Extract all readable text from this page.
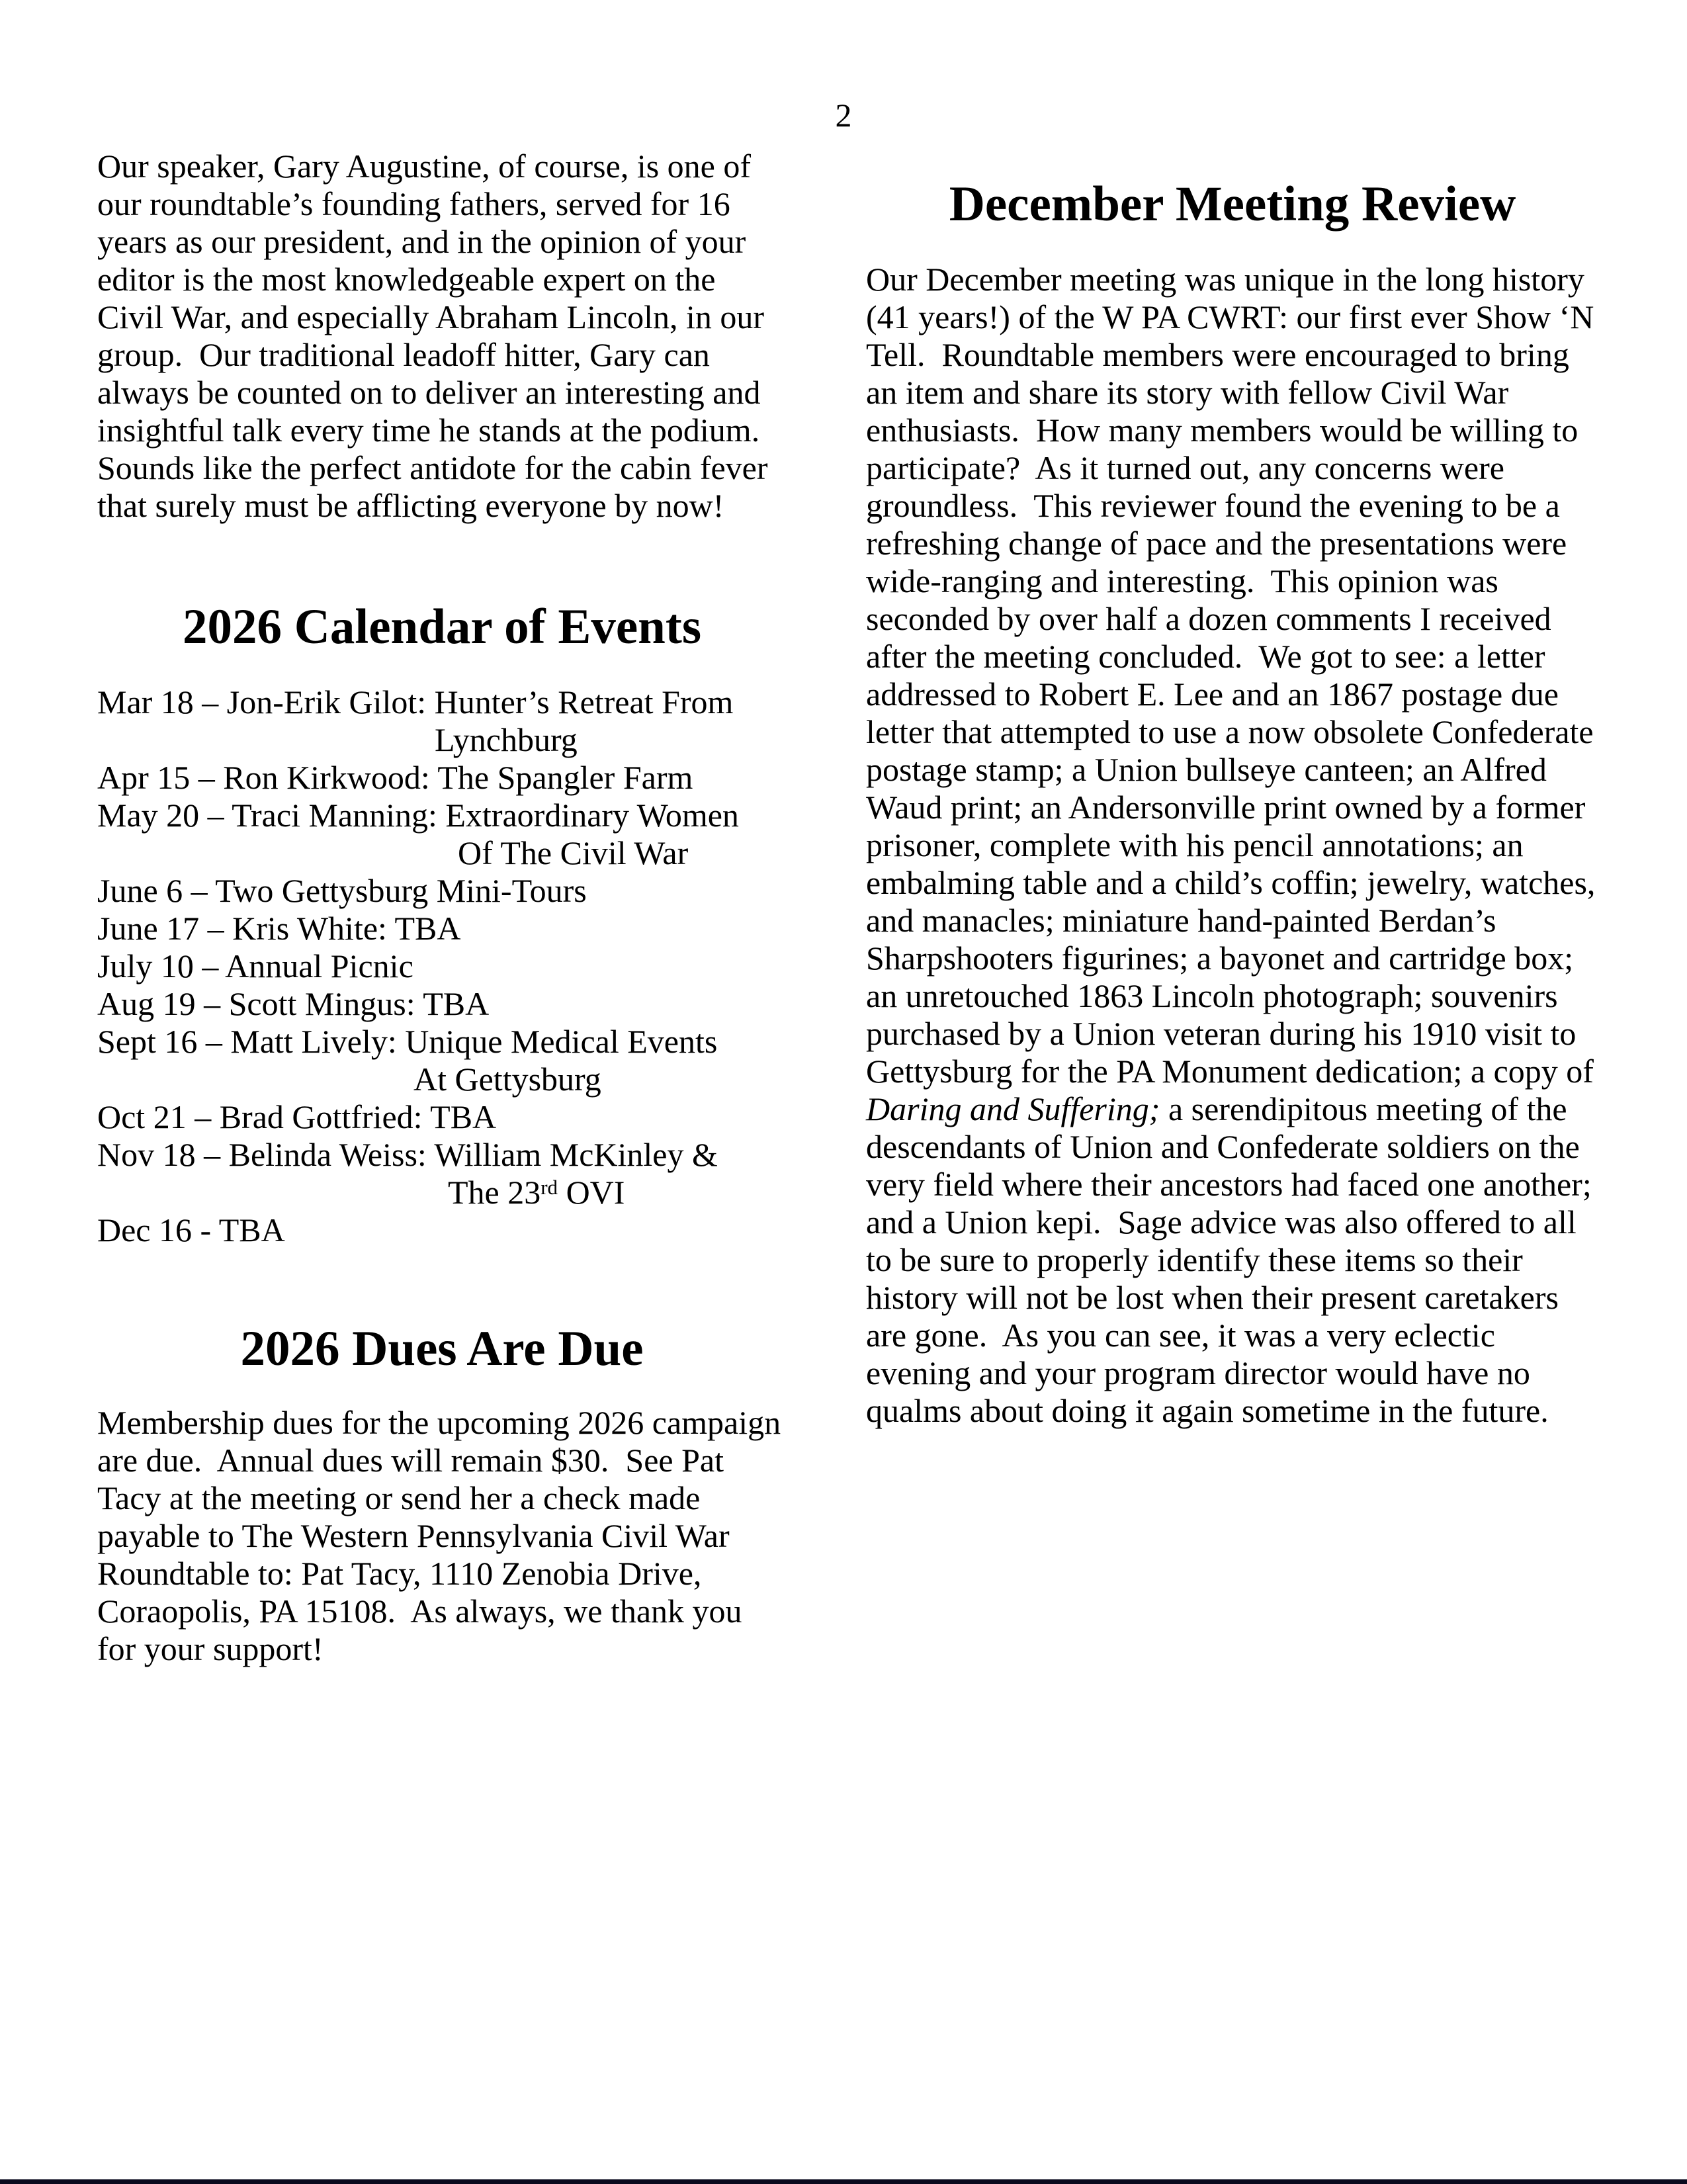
2

Our speaker, Gary Augustine, of course, is one of our roundtable’s founding fathers, served for 16 years as our president, and in the opinion of your editor is the most knowledgeable expert on the Civil War, and especially Abraham Lincoln, in our group.  Our traditional leadoff hitter, Gary can always be counted on to deliver an interesting and insightful talk every time he stands at the podium.  Sounds like the perfect antidote for the cabin fever that surely must be afflicting everyone by now!

2026 Calendar of Events
Mar 18 – Jon-Erik Gilot: Hunter’s Retreat From
Lynchburg
Apr 15 – Ron Kirkwood: The Spangler Farm
May 20 – Traci Manning: Extraordinary Women
Of The Civil War
June 6 – Two Gettysburg Mini-Tours
June 17 – Kris White: TBA
July 10 – Annual Picnic
Aug 19 – Scott Mingus: TBA
Sept 16 – Matt Lively: Unique Medical Events
At Gettysburg
Oct 21 – Brad Gottfried: TBA
Nov 18 – Belinda Weiss: William McKinley &
The 23rd OVI
Dec 16 - TBA
2026 Dues Are Due

Membership dues for the upcoming 2026 campaign are due.  Annual dues will remain $30.  See Pat Tacy at the meeting or send her a check made payable to The Western Pennsylvania Civil War Roundtable to: Pat Tacy, 1110 Zenobia Drive, Coraopolis, PA 15108.  As always, we thank you for your support!

December Meeting Review

Our December meeting was unique in the long history (41 years!) of the W PA CWRT: our first ever Show ‘N Tell.  Roundtable members were encouraged to bring an item and share its story with fellow Civil War enthusiasts.  How many members would be willing to participate?  As it turned out, any concerns were groundless.  This reviewer found the evening to be a refreshing change of pace and the presentations were wide-ranging and interesting.  This opinion was seconded by over half a dozen comments I received after the meeting concluded.  We got to see: a letter addressed to Robert E. Lee and an 1867 postage due letter that attempted to use a now obsolete Confederate postage stamp; a Union bullseye canteen; an Alfred Waud print; an Andersonville print owned by a former prisoner, complete with his pencil annotations; an embalming table and a child’s coffin; jewelry, watches, and manacles; miniature hand-painted Berdan’s Sharpshooters figurines; a bayonet and cartridge box; an unretouched 1863 Lincoln photograph; souvenirs purchased by a Union veteran during his 1910 visit to Gettysburg for the PA Monument dedication; a copy of Daring and Suffering; a serendipitous meeting of the descendants of Union and Confederate soldiers on the very field where their ancestors had faced one another; and a Union kepi.  Sage advice was also offered to all to be sure to properly identify these items so their history will not be lost when their present caretakers are gone.  As you can see, it was a very eclectic evening and your program director would have no qualms about doing it again sometime in the future.
